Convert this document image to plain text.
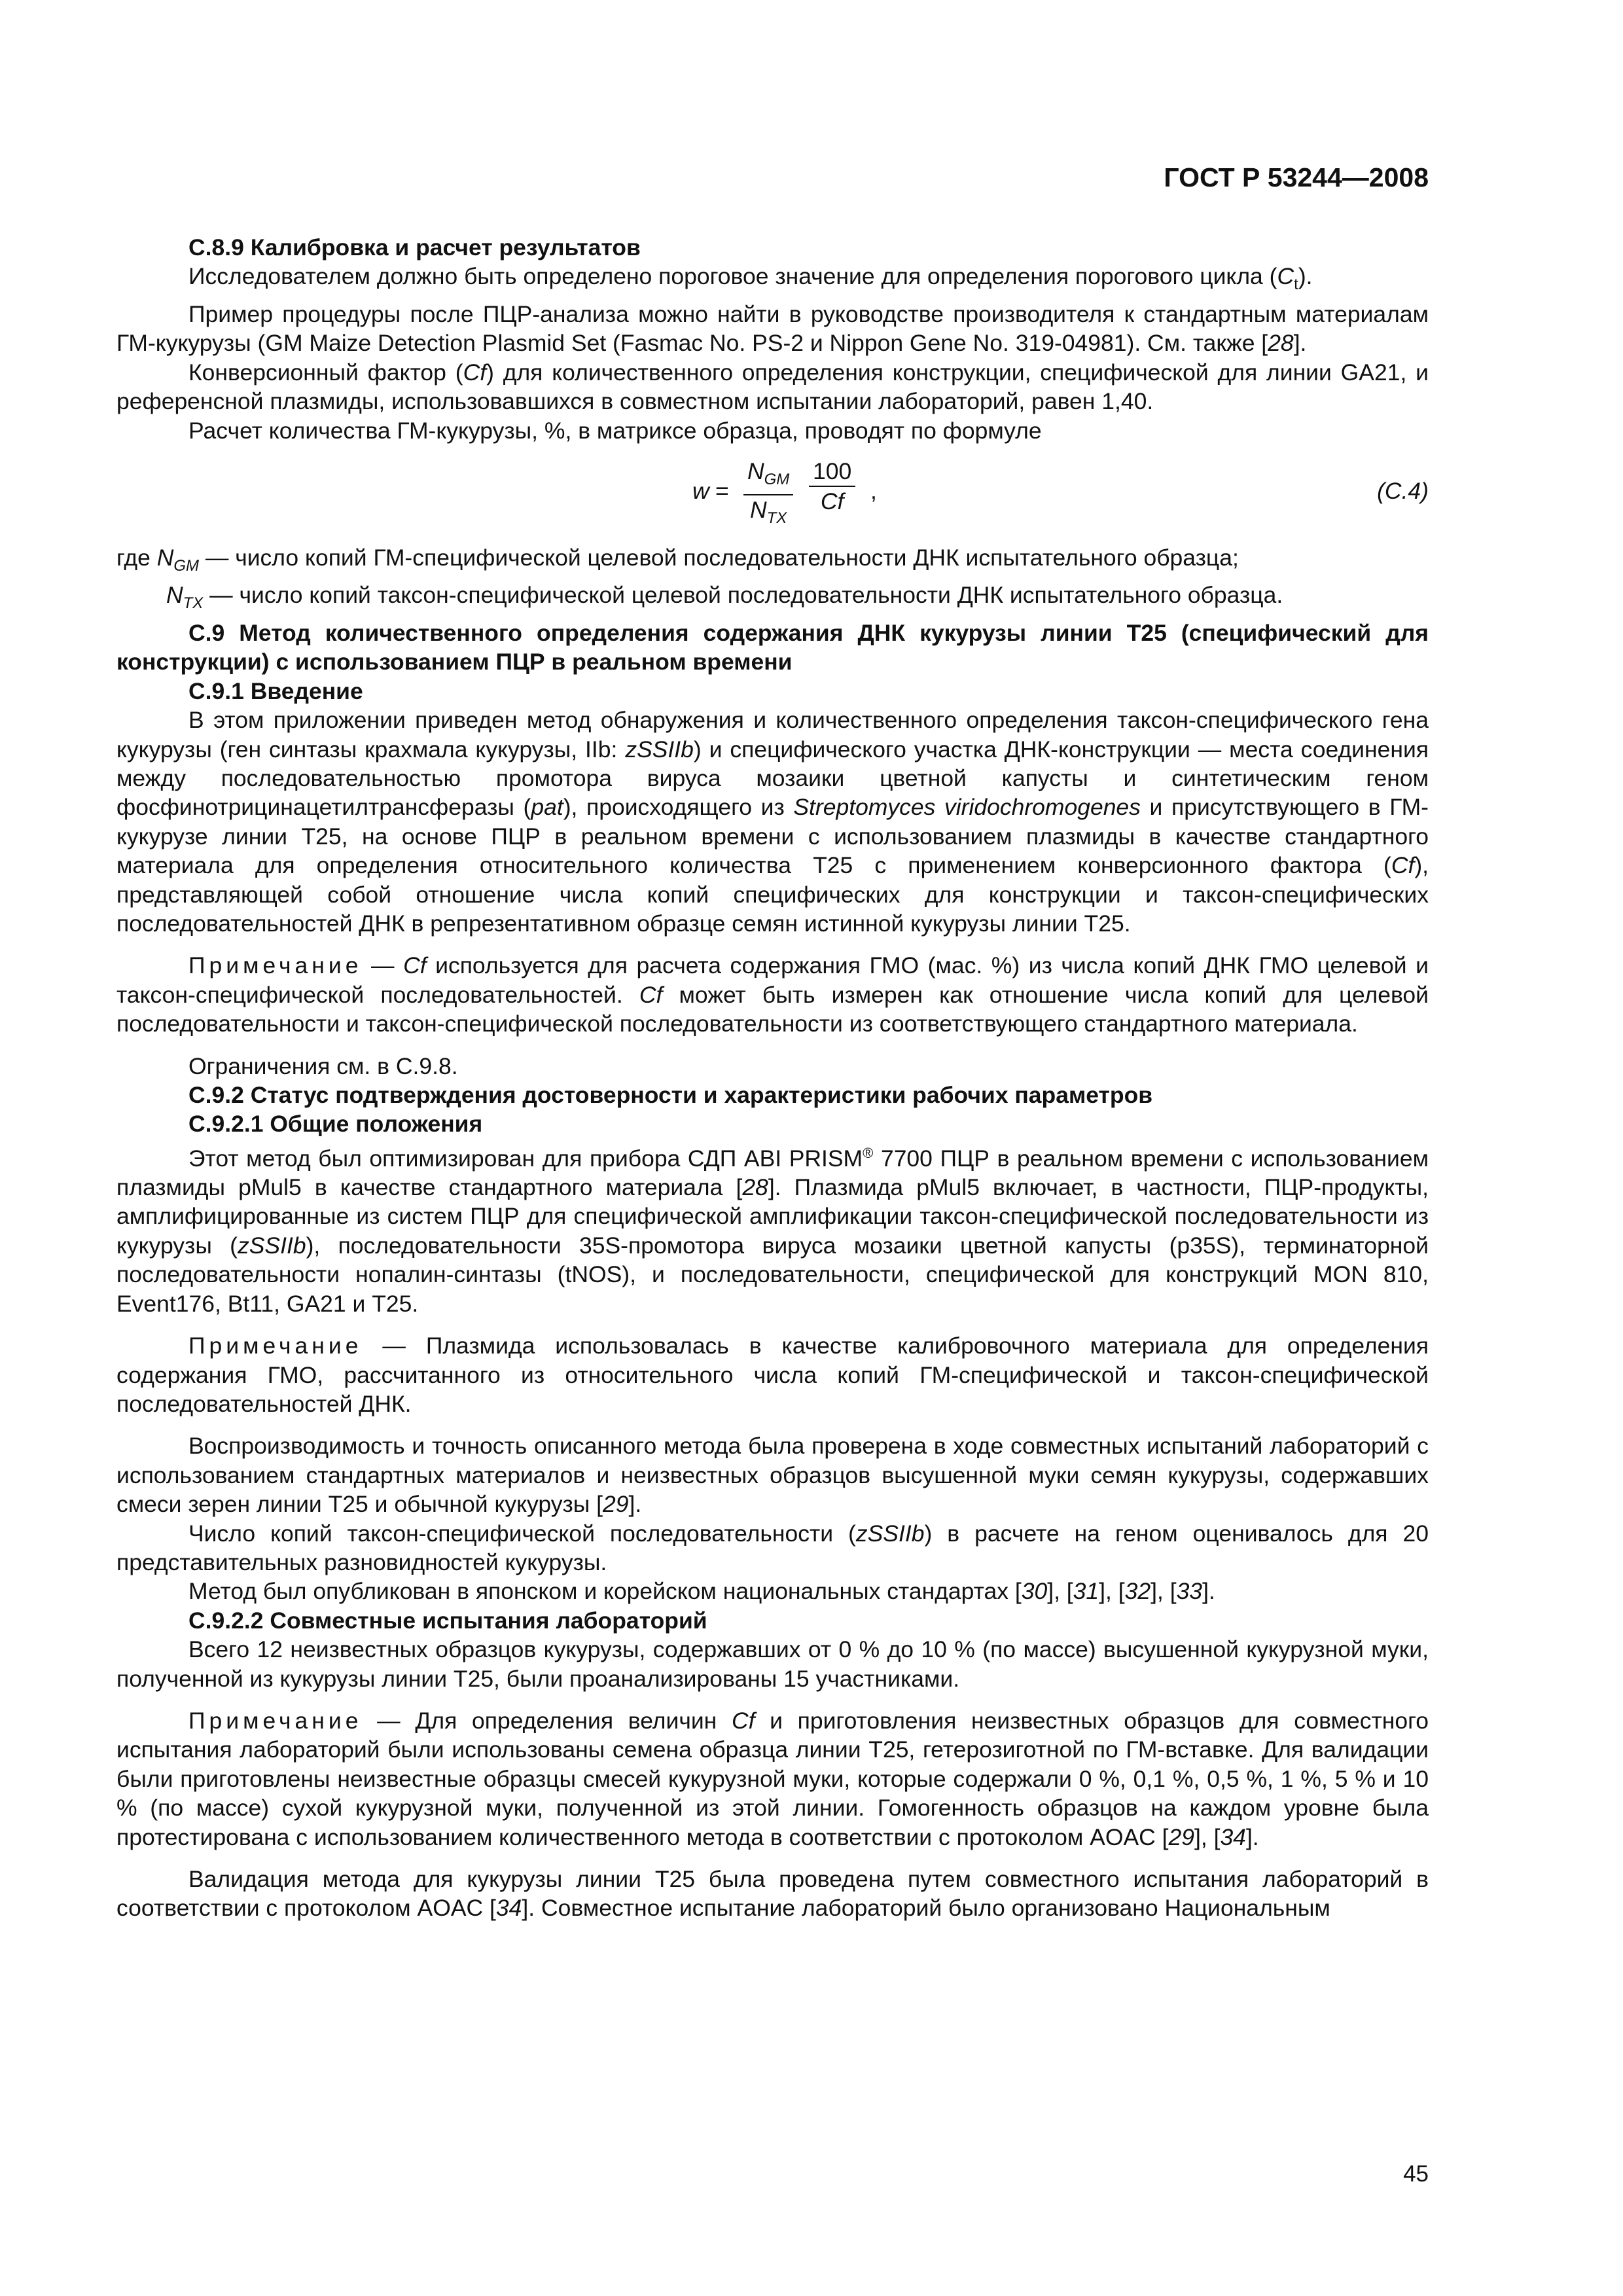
ГОСТ Р 53244—2008

С.8.9 Калибровка и расчет результатов

Исследователем должно быть определено пороговое значение для определения порогового цикла $(C_t)$.

Пример процедуры после ПЦР-анализа можно найти в руководстве производителя к стандартным материалам ГМ-кукурузы (GM Maize Detection Plasmid Set (Fasmac No. PS-2 и Nippon Gene No. 319-04981). См. также [28].

Конверсионный фактор (Cf) для количественного определения конструкции, специфической для линии GA21, и референсной плазмиды, использовавшихся в совместном испытании лабораторий, равен 1,40.

Расчет количества ГМ-кукурузы, %, в матриксе образца, проводят по формуле

w =
$N_{GM}$
$N_{TX}$
$\frac{100}{Cf}$ ,	(С.4)

где $N_{GM}$ — число копий ГМ-специфической целевой последовательности ДНК испытательного образца;

$N_{TX}$ — число копий таксон-специфической целевой последовательности ДНК испытательного образца.

С.9 Метод количественного определения содержания ДНК кукурузы линии Т25 (специфический для конструкции) с использованием ПЦР в реальном времени

С.9.1 Введение

В этом приложении приведен метод обнаружения и количественного определения таксон-специфического гена кукурузы (ген синтазы крахмала кукурузы, IIb: zSSIIb) и специфического участка ДНК-конструкции — места соединения между последовательностью промотора вируса мозаики цветной капусты и синтетическим геном фосфинотрицинацетилтрансферазы (pat), происходящего из Streptomyces viridochromogenes и присутствующего в ГМ-кукурузе линии Т25, на основе ПЦР в реальном времени с использованием плазмиды в качестве стандартного материала для определения относительного количества Т25 с применением конверсионного фактора (Cf), представляющей собой отношение числа копий специфических для конструкции и таксон-специфических последовательностей ДНК в репрезентативном образце семян истинной кукурузы линии Т25.

Примечание — Cf используется для расчета содержания ГМО (мас. %) из числа копий ДНК ГМО целевой и таксон-специфической последовательностей. Cf может быть измерен как отношение числа копий для целевой последовательности и таксон-специфической последовательности из соответствующего стандартного материала.

Ограничения см. в С.9.8.

С.9.2 Статус подтверждения достоверности и характеристики рабочих параметров

С.9.2.1 Общие положения

Этот метод был оптимизирован для прибора СДП ABI PRISM® 7700 ПЦР в реальном времени с использованием плазмиды pMul5 в качестве стандартного материала [28]. Плазмида pMul5 включает, в частности, ПЦР-продукты, амплифицированные из систем ПЦР для специфической амплификации таксон-специфической последовательности из кукурузы (zSSIIb), последовательности 35S-промотора вируса мозаики цветной капусты (p35S), терминаторной последовательности нопалин-синтазы (tNOS), и последовательности, специфической для конструкций MON 810, Event176, Bt11, GA21 и Т25.

Примечание — Плазмида использовалась в качестве калибровочного материала для определения содержания ГМО, рассчитанного из относительного числа копий ГМ-специфической и таксон-специфической последовательностей ДНК.

Воспроизводимость и точность описанного метода была проверена в ходе совместных испытаний лабораторий с использованием стандартных материалов и неизвестных образцов высушенной муки семян кукурузы, содержавших смеси зерен линии Т25 и обычной кукурузы [29].

Число копий таксон-специфической последовательности (zSSIIb) в расчете на геном оценивалось для 20 представительных разновидностей кукурузы.

Метод был опубликован в японском и корейском национальных стандартах [30], [31], [32], [33].

С.9.2.2 Совместные испытания лабораторий

Всего 12 неизвестных образцов кукурузы, содержавших от 0 % до 10 % (по массе) высушенной кукурузной муки, полученной из кукурузы линии Т25, были проанализированы 15 участниками.

Примечание — Для определения величин Cf и приготовления неизвестных образцов для совместного испытания лабораторий были использованы семена образца линии Т25, гетерозиготной по ГМ-вставке. Для валидации были приготовлены неизвестные образцы смесей кукурузной муки, которые содержали 0 %, 0,1 %, 0,5 %, 1 %, 5 % и 10 % (по массе) сухой кукурузной муки, полученной из этой линии. Гомогенность образцов на каждом уровне была протестирована с использованием количественного метода в соответствии с протоколом AOAC [29], [34].

Валидация метода для кукурузы линии Т25 была проведена путем совместного испытания лабораторий в соответствии с протоколом AOAC [34]. Совместное испытание лабораторий было организовано Национальным

45
